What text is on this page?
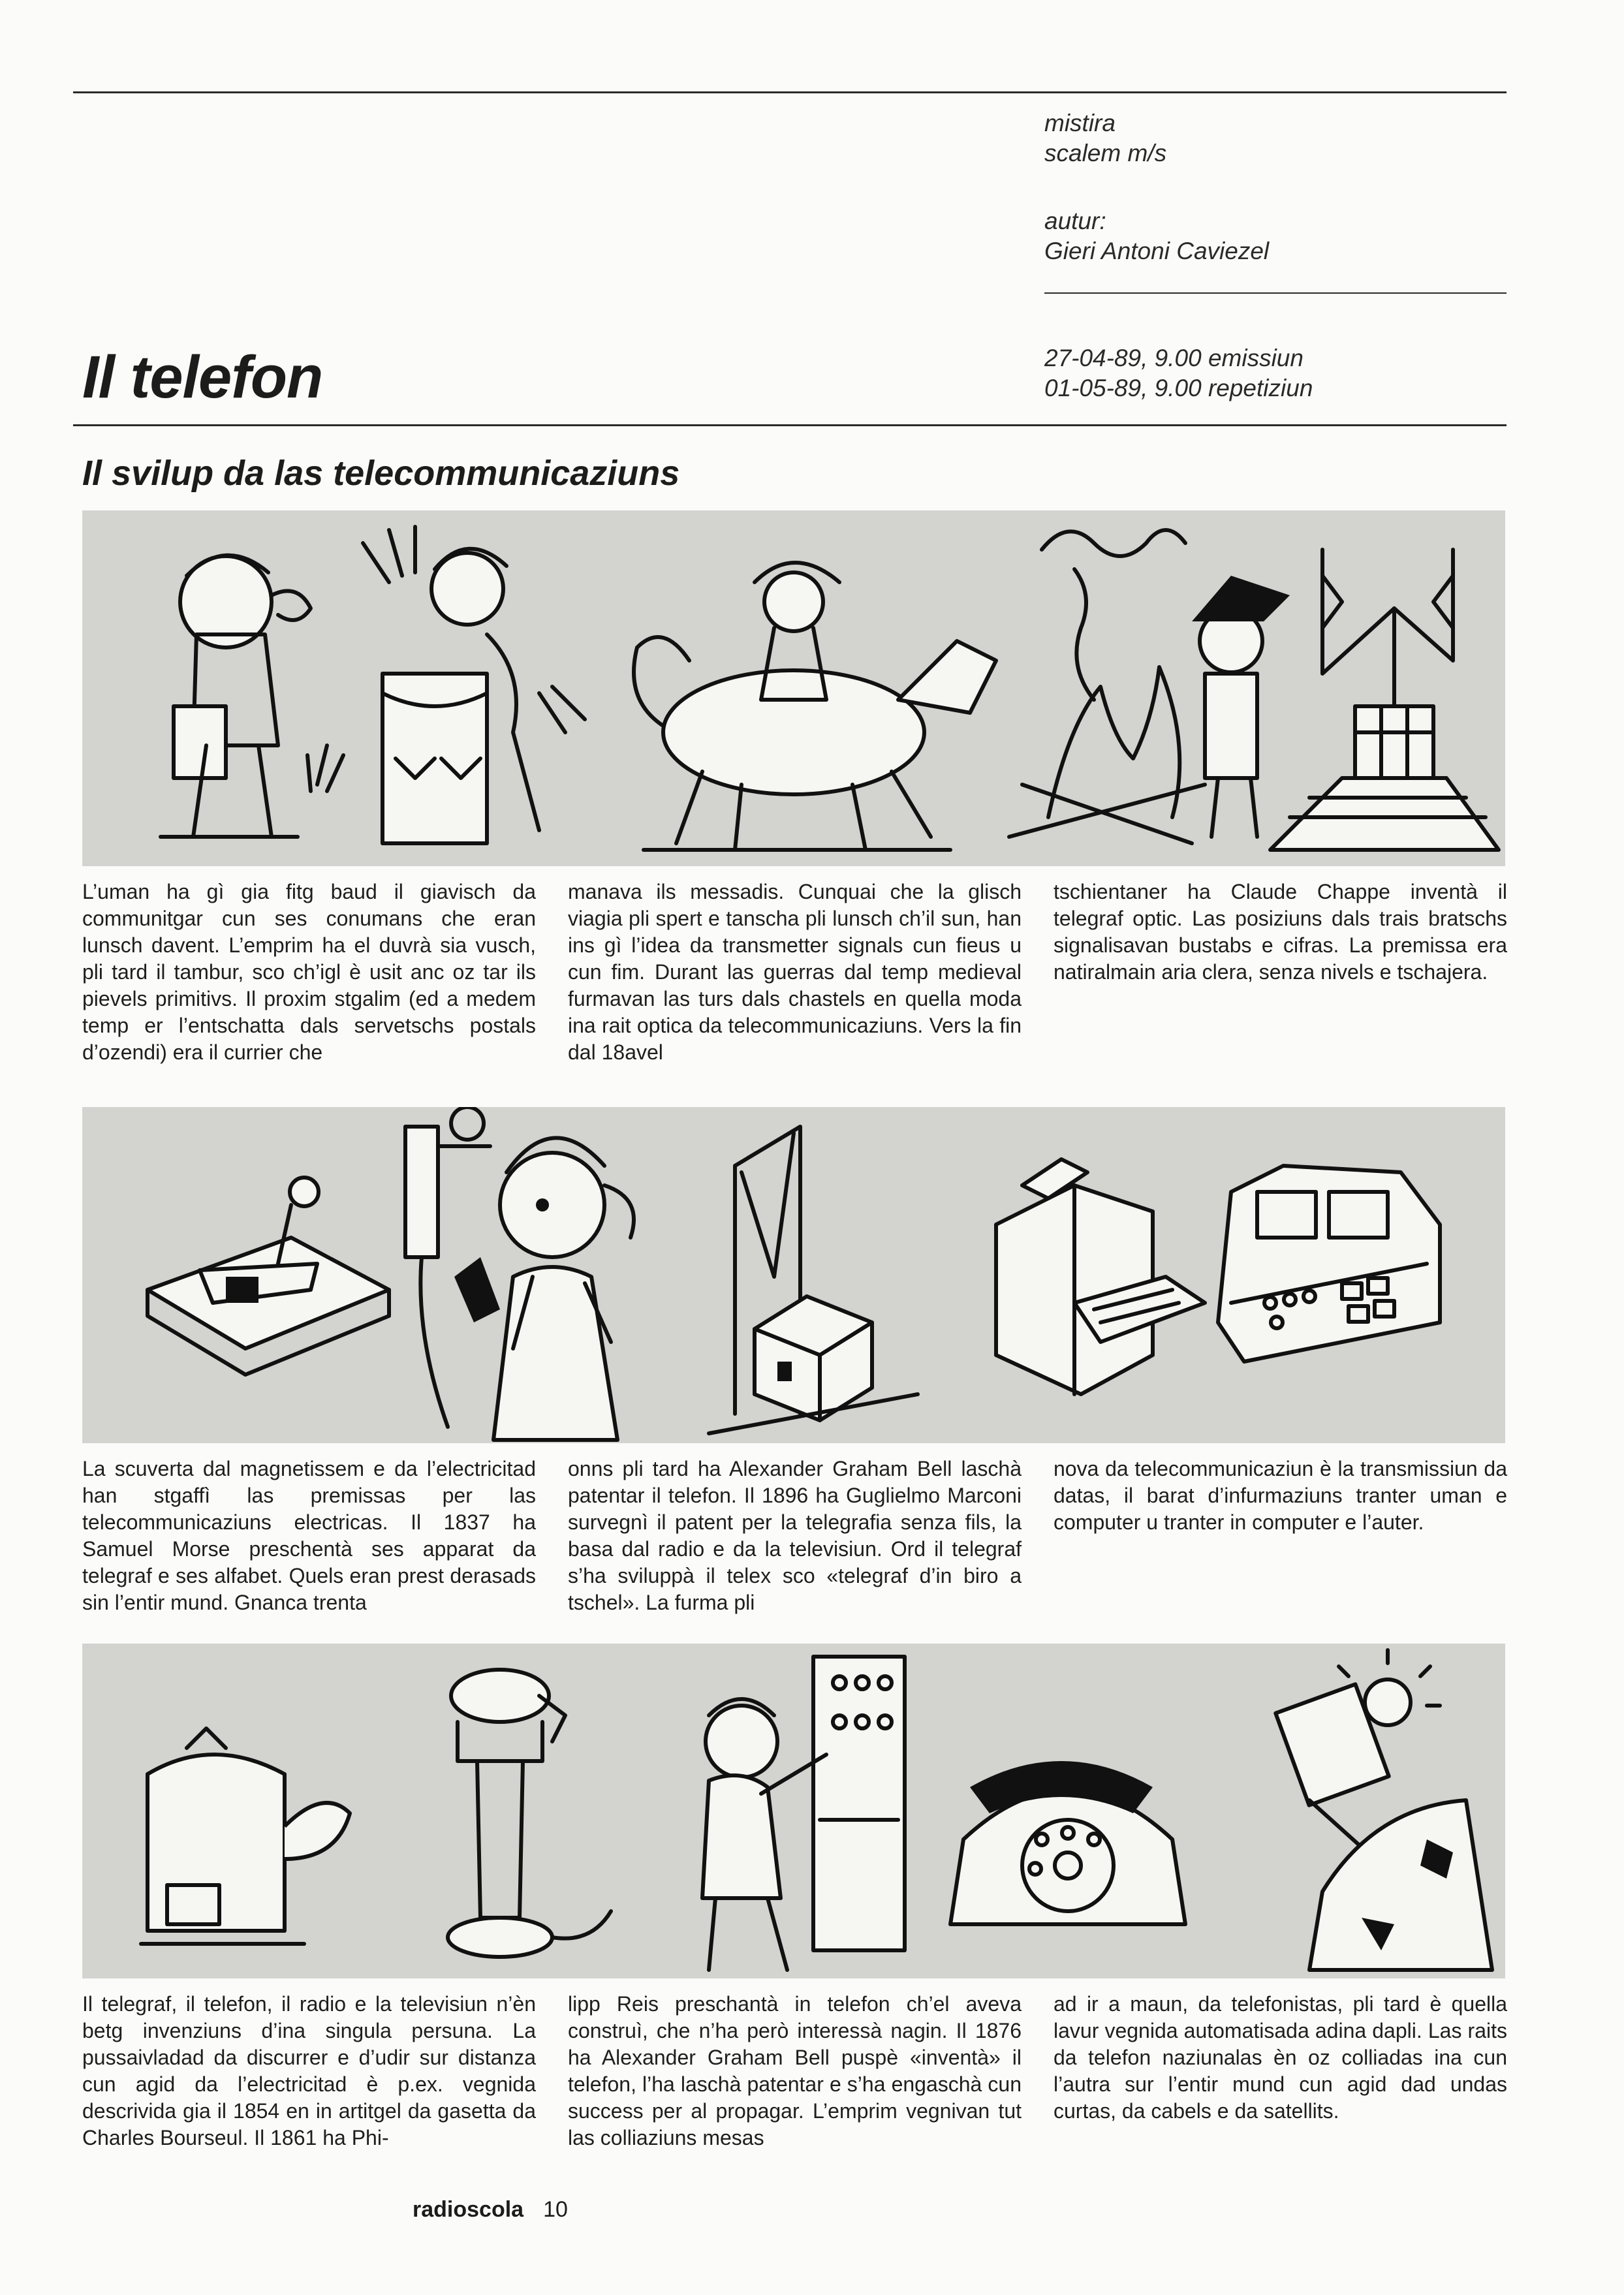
mistira
scalem m/s
autur:
Gieri Antoni Caviezel
27-04-89, 9.00 emissiun
01-05-89, 9.00 repetiziun
Il telefon
Il svilup da las telecommunicaziuns
L’uman ha gì gia fitg baud il giavisch da communitgar cun ses conumans che eran lunsch davent. L’emprim ha el duvrà sia vusch, pli tard il tambur, sco ch’igl è usit anc oz tar ils pievels primitivs. Il proxim stgalim (ed a medem temp er l’entschatta dals servetschs postals d’ozendi) era il currier che
manava ils messadis. Cunquai che la glisch viagia pli spert e tanscha pli lunsch ch’il sun, han ins gì l’idea da transmetter signals cun fieus u cun fim. Durant las guerras dal temp medieval furmavan las turs dals chastels en quella moda ina rait optica da telecommunicaziuns. Vers la fin dal 18avel
tschientaner ha Claude Chappe inventà il telegraf optic. Las posiziuns dals trais bratschs signalisavan bustabs e cifras. La premissa era natiralmain aria clera, senza nivels e tschajera.
La scuverta dal magnetissem e da l’electricitad han stgaffì las premissas per las telecommunicaziuns electricas. Il 1837 ha Samuel Morse preschentà ses apparat da telegraf e ses alfabet. Quels eran prest derasads sin l’entir mund. Gnanca trenta
onns pli tard ha Alexander Graham Bell laschà patentar il telefon. Il 1896 ha Guglielmo Marconi survegnì il patent per la telegrafia senza fils, la basa dal radio e da la televisiun. Ord il telegraf s’ha sviluppà il telex sco «telegraf d’in biro a tschel». La furma pli
nova da telecommunicaziun è la transmissiun da datas, il barat d’infurmaziuns tranter uman e computer u tranter in computer e l’auter.
Il telegraf, il telefon, il radio e la televisiun n’èn betg invenziuns d’ina singula persuna. La pussaivladad da discurrer e d’udir sur distanza cun agid da l’electricitad è p.ex. vegnida descrivida gia il 1854 en in artitgel da gasetta da Charles Bourseul. Il 1861 ha Phi-
lipp Reis preschantà in telefon ch’el aveva construì, che n’ha però interessà nagin. Il 1876 ha Alexander Graham Bell puspè «inventà» il telefon, l’ha laschà patentar e s’ha engaschà cun success per al propagar. L’emprim vegnivan tut las colliaziuns mesas
ad ir a maun, da telefonistas, pli tard è quella lavur vegnida automatisada adina dapli. Las raits da telefon naziunalas èn oz colliadas ina cun l’autra sur l’entir mund cun agid dad undas curtas, da cabels e da satellits.
radioscola 10
